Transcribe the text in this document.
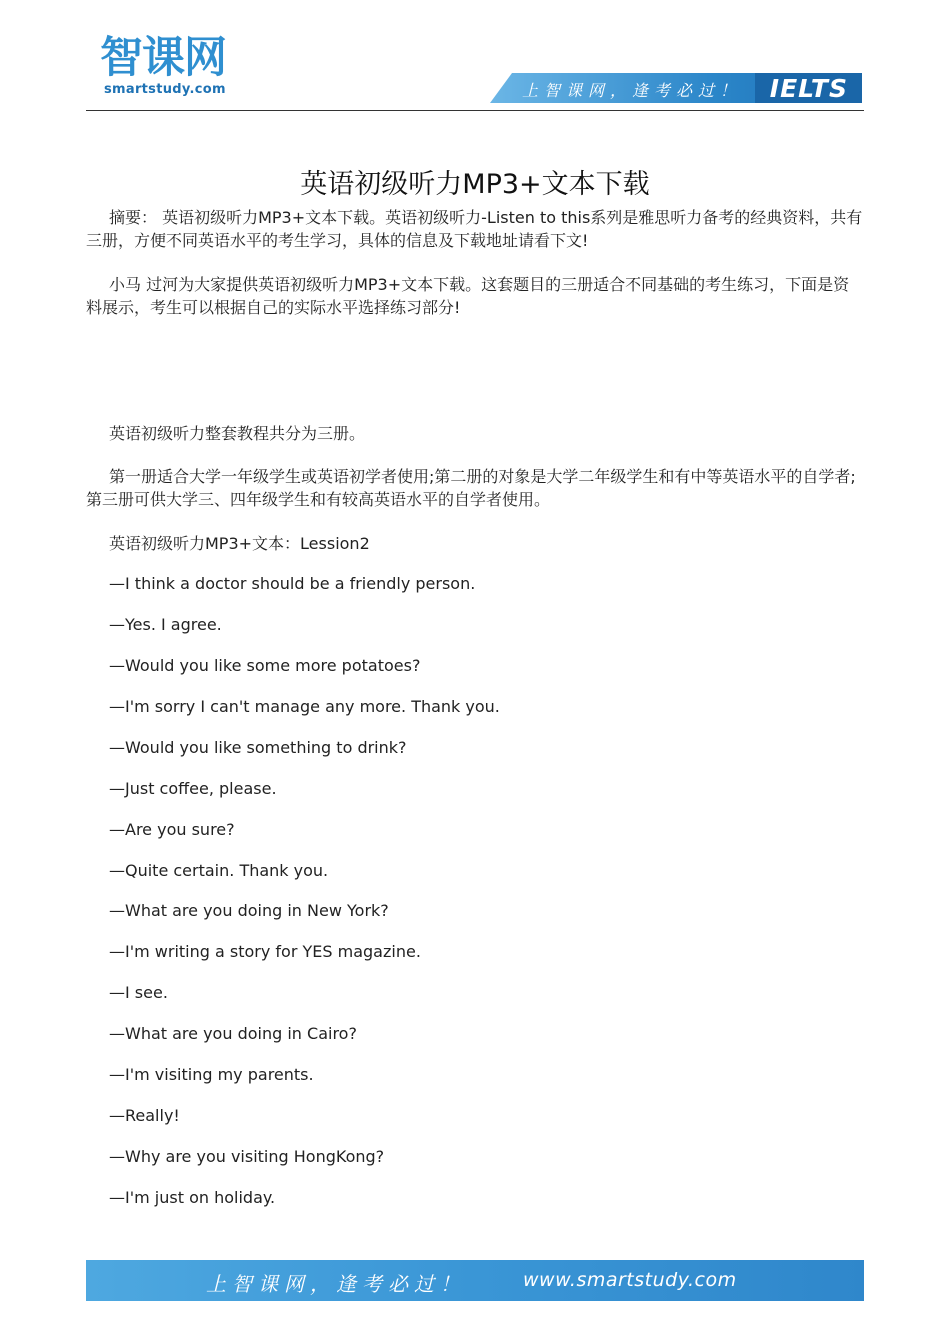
智课网
smartstudy.com	上智课网，逢考必过！ IELTS
英语初级听力MP3+文本下载

摘要： 英语初级听力MP3+文本下载。英语初级听力-Listen to this系列是雅思听力备考的经典资料，共有三册，方便不同英语水平的考生学习，具体的信息及下载地址请看下文!

小马 过河为大家提供英语初级听力MP3+文本下载。这套题目的三册适合不同基础的考生练习，下面是资料展示，考生可以根据自己的实际水平选择练习部分!

英语初级听力整套教程共分为三册。

第一册适合大学一年级学生或英语初学者使用;第二册的对象是大学二年级学生和有中等英语水平的自学者;第三册可供大学三、四年级学生和有较高英语水平的自学者使用。

英语初级听力MP3+文本：Lession2

—I think a doctor should be a friendly person.
—Yes. I agree.
—Would you like some more potatoes?
—I'm sorry I can't manage any more. Thank you.
—Would you like something to drink?
—Just coffee, please.
—Are you sure?
—Quite certain. Thank you.
—What are you doing in New York?
—I'm writing a story for YES magazine.
—I see.
—What are you doing in Cairo?
—I'm visiting my parents.
—Really!
—Why are you visiting HongKong?
—I'm just on holiday.
上智课网，逢考必过！	www.smartstudy.com
